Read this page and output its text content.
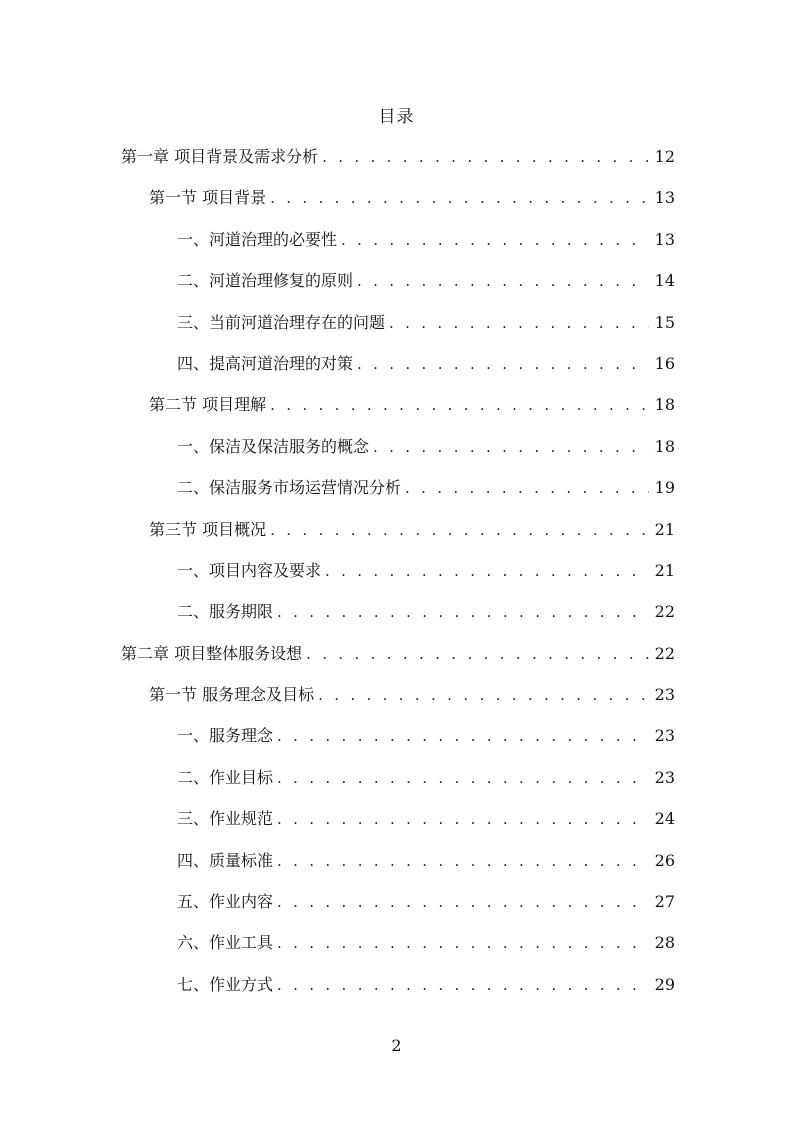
目录
第一章 项目背景及需求分析 . . .	12
第一节 项目背景 . . .	13
一、河道治理的必要性 . . .	13
二、河道治理修复的原则 . . .	14
三、当前河道治理存在的问题 . . .	15
四、提高河道治理的对策 . . .	16
第二节 项目理解 . . .	18
一、保洁及保洁服务的概念 . . .	18
二、保洁服务市场运营情况分析 . . .	19
第三节 项目概况 . . .	21
一、项目内容及要求 . . .	21
二、服务期限 . . .	22
第二章 项目整体服务设想 . . .	22
第一节 服务理念及目标 . . .	23
一、服务理念 . . .	23
二、作业目标 . . .	23
三、作业规范 . . .	24
四、质量标准 . . .	26
五、作业内容 . . .	27
六、作业工具 . . .	28
七、作业方式 . . .	29
2
